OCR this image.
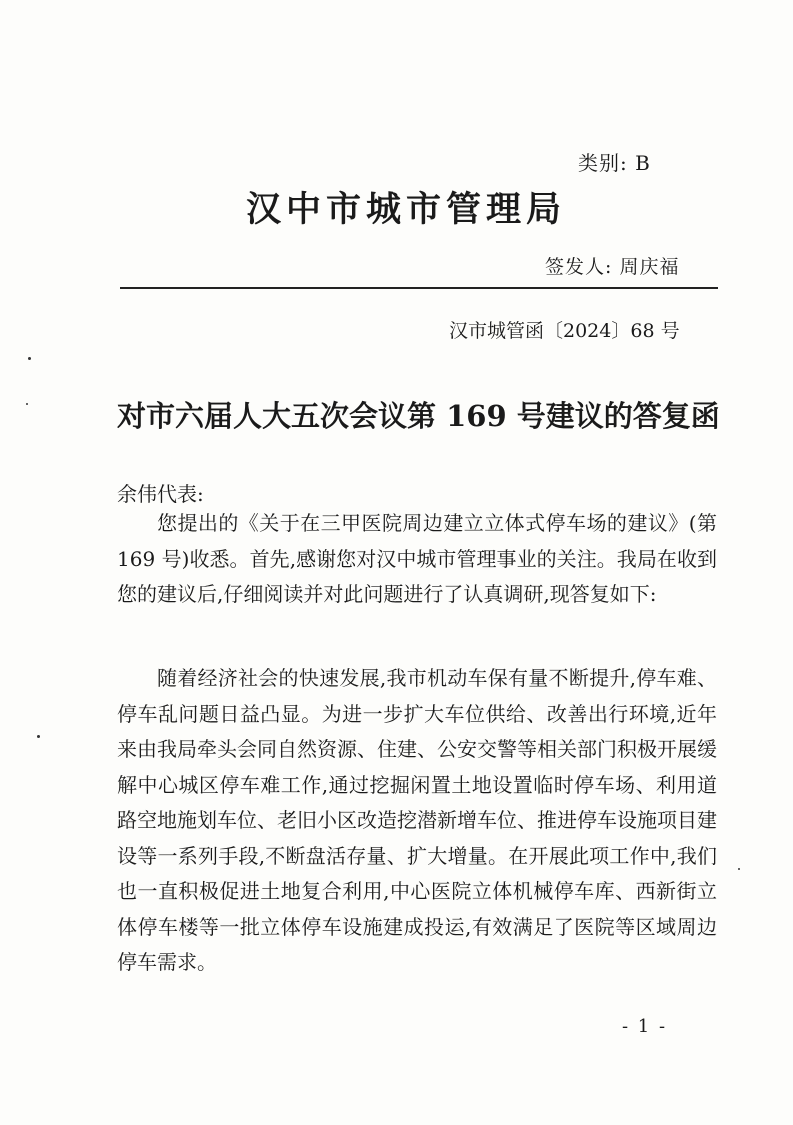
类别: B
汉中市城市管理局
签发人: 周庆福
汉市城管函〔2024〕68 号
对市六届人大五次会议第 169 号建议的答复函
余伟代表:
您提出的《关于在三甲医院周边建立立体式停车场的建议》(第 169 号)收悉。首先,感谢您对汉中城市管理事业的关注。我局在收到您的建议后,仔细阅读并对此问题进行了认真调研,现答复如下:
随着经济社会的快速发展,我市机动车保有量不断提升,停车难、停车乱问题日益凸显。为进一步扩大车位供给、改善出行环境,近年来由我局牵头会同自然资源、住建、公安交警等相关部门积极开展缓解中心城区停车难工作,通过挖掘闲置土地设置临时停车场、利用道路空地施划车位、老旧小区改造挖潜新增车位、推进停车设施项目建设等一系列手段,不断盘活存量、扩大增量。在开展此项工作中,我们也一直积极促进土地复合利用,中心医院立体机械停车库、西新街立体停车楼等一批立体停车设施建成投运,有效满足了医院等区域周边停车需求。
- 1 -
